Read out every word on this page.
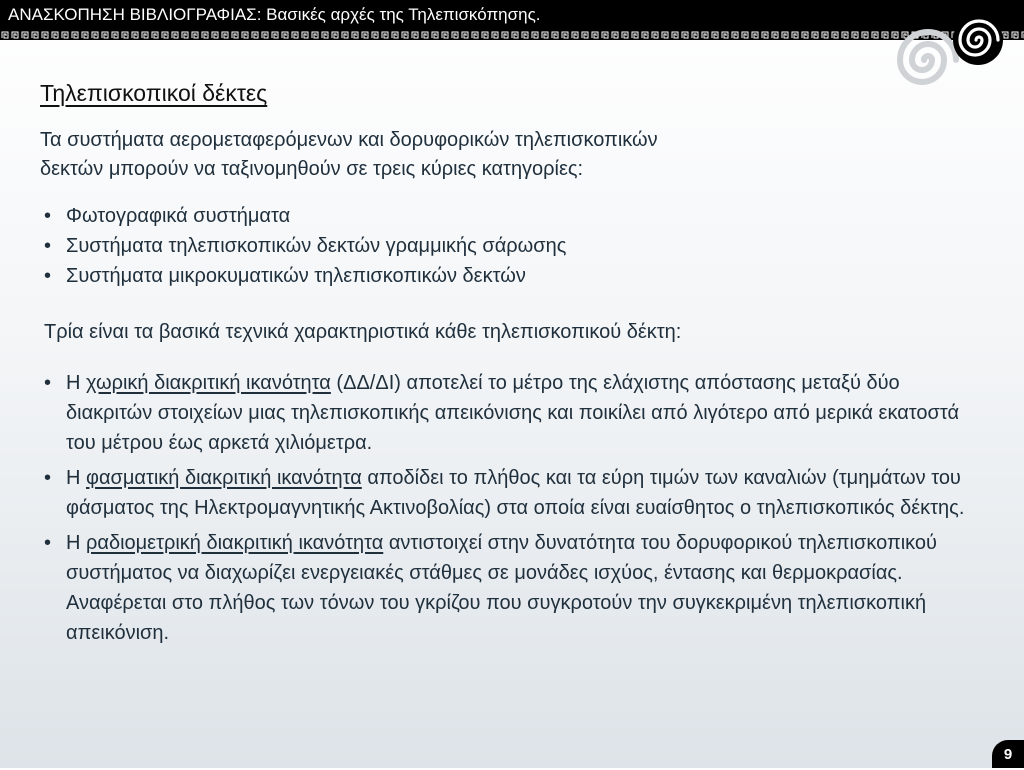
ΑΝΑΣΚΟΠΗΣΗ ΒΙΒΛΙΟΓΡΑΦΙΑΣ: Βασικές αρχές της Τηλεπισκόπησης.
Τηλεπισκοπικοί δέκτες
Τα συστήματα αερομεταφερόμενων και δορυφορικών τηλεπισκοπικών
δεκτών μπορούν να ταξινομηθούν σε τρεις κύριες κατηγορίες:
• Φωτογραφικά συστήματα
• Συστήματα τηλεπισκοπικών δεκτών γραμμικής σάρωσης
• Συστήματα μικροκυματικών τηλεπισκοπικών δεκτών
Τρία είναι τα βασικά τεχνικά χαρακτηριστικά κάθε τηλεπισκοπικού δέκτη:
• Η χωρική διακριτική ικανότητα (ΔΔ/ΔΙ) αποτελεί το μέτρο της ελάχιστης απόστασης μεταξύ δύο διακριτών στοιχείων μιας τηλεπισκοπικής απεικόνισης και ποικίλει από λιγότερο από μερικά εκατοστά του μέτρου έως αρκετά χιλιόμετρα.
• Η φασματική διακριτική ικανότητα αποδίδει το πλήθος και τα εύρη τιμών των καναλιών (τμημάτων του φάσματος της Ηλεκτρομαγνητικής Ακτινοβολίας) στα οποία είναι ευαίσθητος ο τηλεπισκοπικός δέκτης.
• Η ραδιομετρική διακριτική ικανότητα αντιστοιχεί στην δυνατότητα του δορυφορικού τηλεπισκοπικού συστήματος να διαχωρίζει ενεργειακές στάθμες σε μονάδες ισχύος, έντασης και θερμοκρασίας. Αναφέρεται στο πλήθος των τόνων του γκρίζου που συγκροτούν την συγκεκριμένη τηλεπισκοπική απεικόνιση.
9
